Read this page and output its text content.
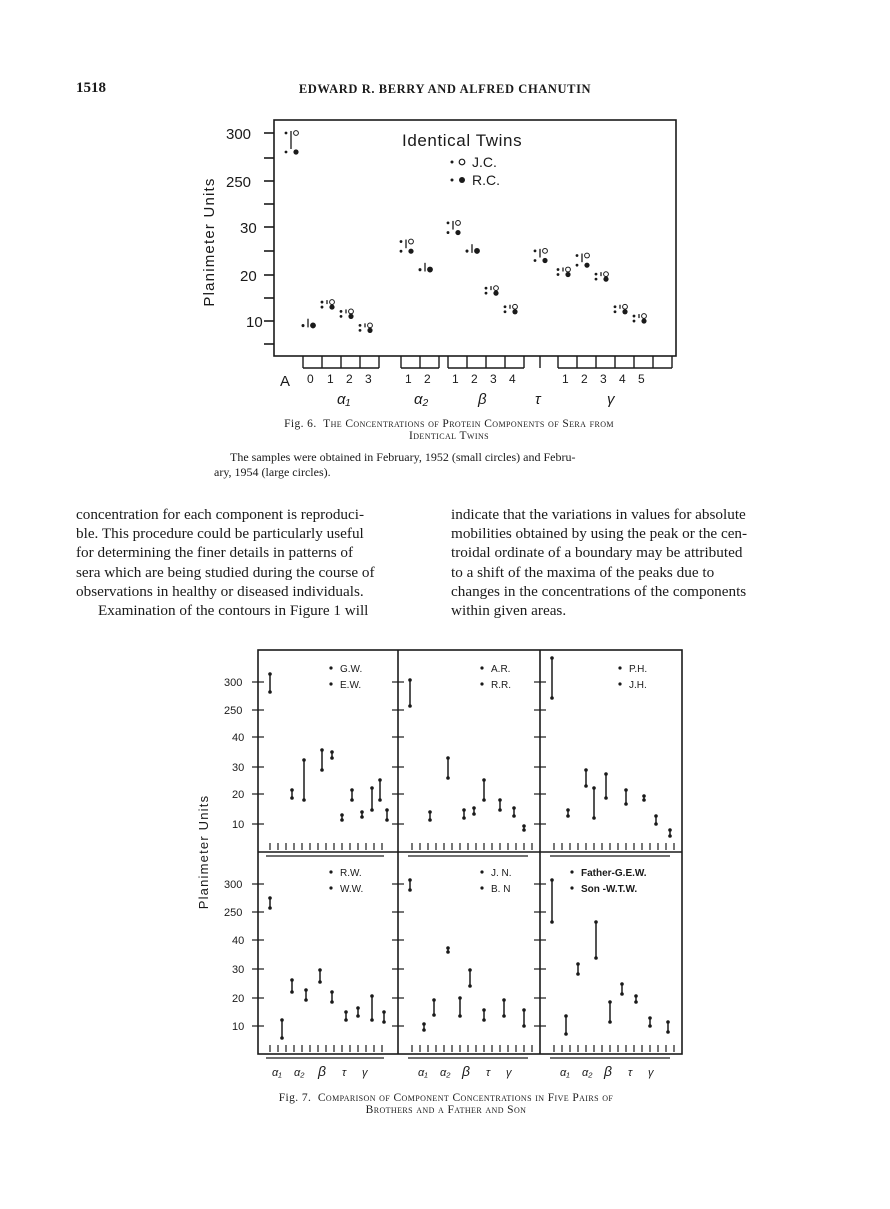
1518	EDWARD R. BERRY AND ALFRED CHANUTIN
300
250
30
20
10
Planimeter Units
Identical Twins
J.C.
R.C.
A 0 1 2 3	1 2 1 2 3 4	1 2 3 4 5
α₁	α₂	β	τ	γ
Fig. 6. The Concentrations of Protein Components of Sera from
Identical Twins
The samples were obtained in February, 1952 (small circles) and Febru-
ary, 1954 (large circles).

concentration for each component is reproduci-

ble. This procedure could be particularly useful

for determining the finer details in patterns of

sera which are being studied during the course of

observations in healthy or diseased individuals.

Examination of the contours in Figure 1 will

indicate that the variations in values for absolute

mobilities obtained by using the peak or the cen-

troidal ordinate of a boundary may be attributed

to a shift of the maxima of the peaks due to

changes in the concentrations of the components

within given areas.

Planimeter Units
300
250
40
30
20
10
300
250
40
30
20
10
G.W.
E.W.
A.R.
R.R.
P.H.
J.H.
R.W.
W.W.
J. N.
B. N
Father-G.E.W.
Son -W.T.W.
α₁ α₂ β τ γ	α₁ α₂ β τ γ	α₁ α₂ β τ γ
Fig. 7. Comparison of Component Concentrations in Five Pairs of
Brothers and a Father and Son
